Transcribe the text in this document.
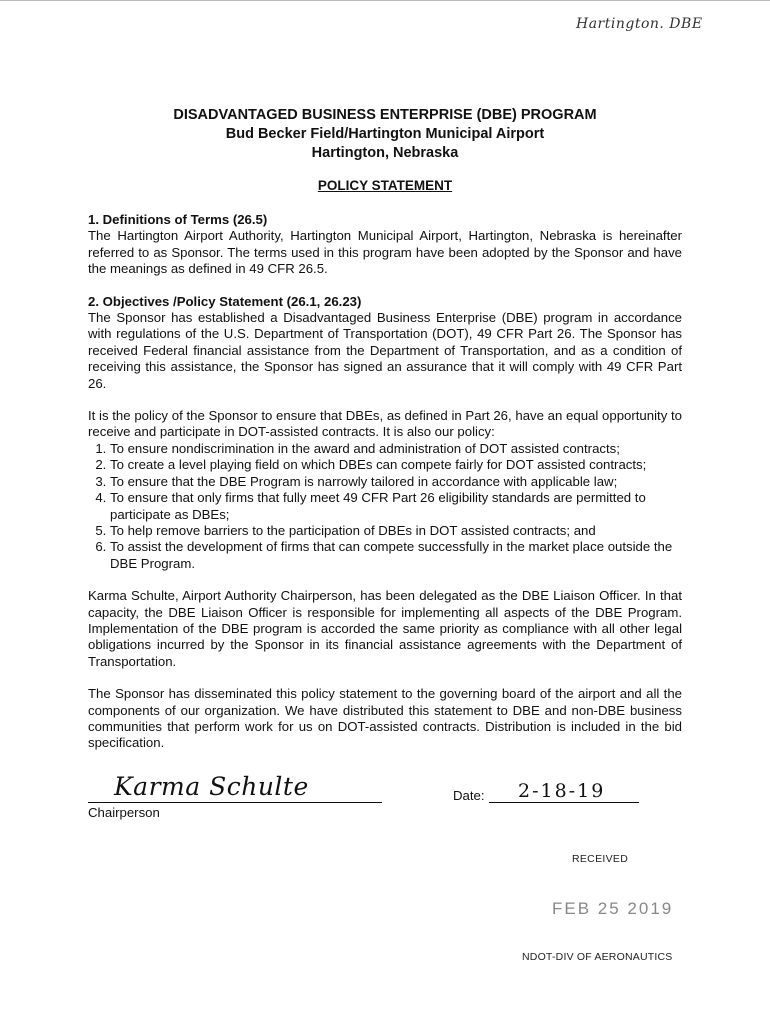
Hartington. DBE
DISADVANTAGED BUSINESS ENTERPRISE (DBE) PROGRAM
Bud Becker Field/Hartington Municipal Airport
Hartington, Nebraska
POLICY STATEMENT
1. Definitions of Terms (26.5)

The Hartington Airport Authority, Hartington Municipal Airport, Hartington, Nebraska is hereinafter referred to as Sponsor. The terms used in this program have been adopted by the Sponsor and have the meanings as defined in 49 CFR 26.5.

2. Objectives /Policy Statement (26.1, 26.23)

The Sponsor has established a Disadvantaged Business Enterprise (DBE) program in accordance with regulations of the U.S. Department of Transportation (DOT), 49 CFR Part 26. The Sponsor has received Federal financial assistance from the Department of Transportation, and as a condition of receiving this assistance, the Sponsor has signed an assurance that it will comply with 49 CFR Part 26.

It is the policy of the Sponsor to ensure that DBEs, as defined in Part 26, have an equal opportunity to receive and participate in DOT-assisted contracts. It is also our policy:

1. To ensure nondiscrimination in the award and administration of DOT assisted contracts;
2. To create a level playing field on which DBEs can compete fairly for DOT assisted contracts;
3. To ensure that the DBE Program is narrowly tailored in accordance with applicable law;
4. To ensure that only firms that fully meet 49 CFR Part 26 eligibility standards are permitted to participate as DBEs;
5. To help remove barriers to the participation of DBEs in DOT assisted contracts; and
6. To assist the development of firms that can compete successfully in the market place outside the DBE Program.

Karma Schulte, Airport Authority Chairperson, has been delegated as the DBE Liaison Officer. In that capacity, the DBE Liaison Officer is responsible for implementing all aspects of the DBE Program. Implementation of the DBE program is accorded the same priority as compliance with all other legal obligations incurred by the Sponsor in its financial assistance agreements with the Department of Transportation.

The Sponsor has disseminated this policy statement to the governing board of the airport and all the components of our organization. We have distributed this statement to DBE and non-DBE business communities that perform work for us on DOT-assisted contracts. Distribution is included in the bid specification.

Karma Schulte
Chairperson
Date: 2-18-19
RECEIVED
FEB 25 2019
NDOT-DIV OF AERONAUTICS
